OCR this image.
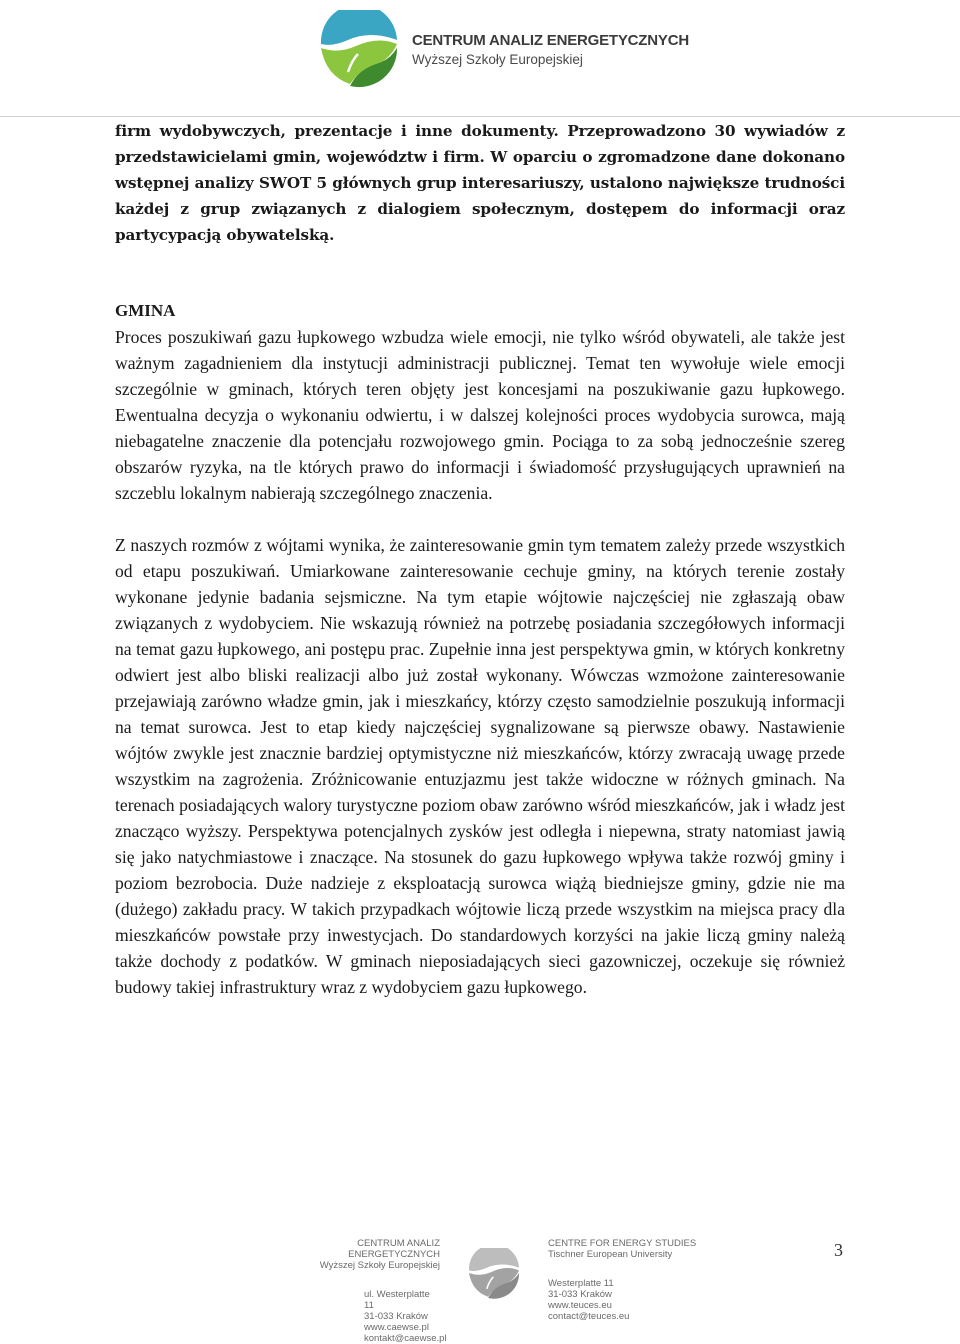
CENTRUM ANALIZ ENERGETYCZNYCH
Wyższej Szkoły Europejskiej

firm wydobywczych, prezentacje i inne dokumenty. Przeprowadzono 30 wywiadów z przedstawicielami gmin, województw i firm. W oparciu o zgromadzone dane dokonano wstępnej analizy SWOT 5 głównych grup interesariuszy, ustalono największe trudności każdej z grup związanych z dialogiem społecznym, dostępem do informacji oraz partycypacją obywatelską.

GMINA

Proces poszukiwań gazu łupkowego wzbudza wiele emocji, nie tylko wśród obywateli, ale także jest ważnym zagadnieniem dla instytucji administracji publicznej. Temat ten wywołuje wiele emocji szczególnie w gminach, których teren objęty jest koncesjami na poszukiwanie gazu łupkowego. Ewentualna decyzja o wykonaniu odwiertu, i w dalszej kolejności proces wydobycia surowca, mają niebagatelne znaczenie dla potencjału rozwojowego gmin. Pociąga to za sobą jednocześnie szereg obszarów ryzyka, na tle których prawo do informacji i świadomość przysługujących uprawnień na szczeblu lokalnym nabierają szczególnego znaczenia.

Z naszych rozmów z wójtami wynika, że zainteresowanie gmin tym tematem zależy przede wszystkich od etapu poszukiwań. Umiarkowane zainteresowanie cechuje gminy, na których terenie zostały wykonane jedynie badania sejsmiczne. Na tym etapie wójtowie najczęściej nie zgłaszają obaw związanych z wydobyciem. Nie wskazują również na potrzebę posiadania szczegółowych informacji na temat gazu łupkowego, ani postępu prac. Zupełnie inna jest perspektywa gmin, w których konkretny odwiert jest albo bliski realizacji albo już został wykonany. Wówczas wzmożone zainteresowanie przejawiają zarówno władze gmin, jak i mieszkańcy, którzy często samodzielnie poszukują informacji na temat surowca. Jest to etap kiedy najczęściej sygnalizowane są pierwsze obawy. Nastawienie wójtów zwykle jest znacznie bardziej optymistyczne niż mieszkańców, którzy zwracają uwagę przede wszystkim na zagrożenia. Zróżnicowanie entuzjazmu jest także widoczne w różnych gminach. Na terenach posiadających walory turystyczne poziom obaw zarówno wśród mieszkańców, jak i władz jest znacząco wyższy. Perspektywa potencjalnych zysków jest odległa i niepewna, straty natomiast jawią się jako natychmiastowe i znaczące. Na stosunek do gazu łupkowego wpływa także rozwój gminy i poziom bezrobocia. Duże nadzieje z eksploatacją surowca wiążą biedniejsze gminy, gdzie nie ma (dużego) zakładu pracy. W takich przypadkach wójtowie liczą przede wszystkim na miejsca pracy dla mieszkańców powstałe przy inwestycjach. Do standardowych korzyści na jakie liczą gminy należą także dochody z podatków. W gminach nieposiadających sieci gazowniczej, oczekuje się również budowy takiej infrastruktury wraz z wydobyciem gazu łupkowego.

CENTRUM ANALIZ ENERGETYCZNYCH
Wyższej Szkoły Europejskiej
ul. Westerplatte 11
31-033 Kraków
www.caewse.pl
kontakt@caewse.pl
CENTRE FOR ENERGY STUDIES
Tischner European University
Westerplatte 11
31-033 Kraków
www.teuces.eu
contact@teuces.eu
3
